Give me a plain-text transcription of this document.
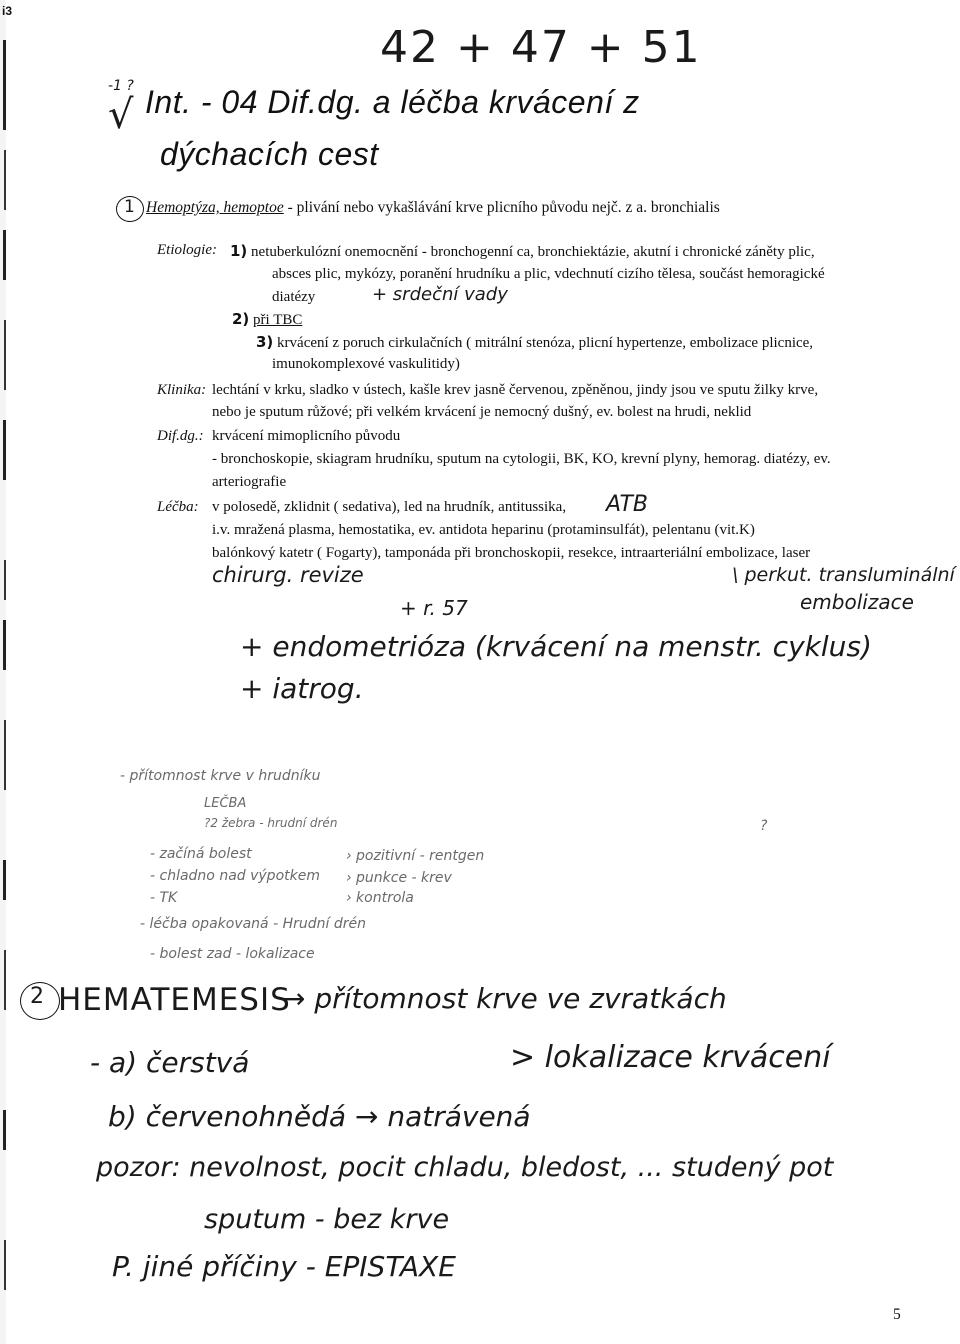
i3
42 + 47 + 51
-1 ?
√ Int. - 04 Dif.dg. a léčba krvácení z
dýchacích cest
1 Hemoptýza, hemoptoe - plivání nebo vykašlávání krve plicního původu nejč. z a. bronchialis
Etiologie: 1) netuberkulózní onemocnění - bronchogenní ca, bronchiektázie, akutní i chronické záněty plic,
absces plic, mykózy, poranění hrudníku a plic, vdechnutí cizího tělesa, součást hemoragické
diatézy	+ srdeční vady
2) při TBC
3) krvácení z poruch cirkulačních ( mitrální stenóza, plicní hypertenze, embolizace plicnice,
imunokomplexové vaskulitidy)
Klinika: lechtání v krku, sladko v ústech, kašle krev jasně červenou, zpěněnou, jindy jsou ve sputu žilky krve,
nebo je sputum růžové; při velkém krvácení je nemocný dušný, ev. bolest na hrudi, neklid
Dif.dg.: krvácení mimoplicního původu
- bronchoskopie, skiagram hrudníku, sputum na cytologii, BK, KO, krevní plyny, hemorag. diatézy, ev.
arteriografie
Léčba: v polosedě, zklidnit ( sedativa), led na hrudník, antitussika, ATB
i.v. mražená plasma, hemostatika, ev. antidota heparinu (protaminsulfát), pelentanu (vit.K)
balónkový katetr ( Fogarty), tamponáda při bronchoskopii, resekce, intraarteriální embolizace, laser
chirurg. revize	\ perkut. transluminální
embolizace
+ r. 57
+ endometrióza (krvácení na menstr. cyklus)
+ iatrog.
- přítomnost krve v hrudníku
LEČBA
?2 žebra - hrudní drén	?
- začíná bolest	› pozitivní - rentgen
- chladno nad výpotkem › punkce - krev
- TK	› kontrola
- léčba opakovaná - Hrudní drén
- bolest zad - lokalizace
2 HEMATEMESIS
→ přítomnost krve ve zvratkách
- a) čerstvá	> lokalizace krvácení
b) červenohnědá → natrávená
pozor: nevolnost, pocit chladu, bledost, ... studený pot
sputum - bez krve
P. jiné příčiny - EPISTAXE
5
